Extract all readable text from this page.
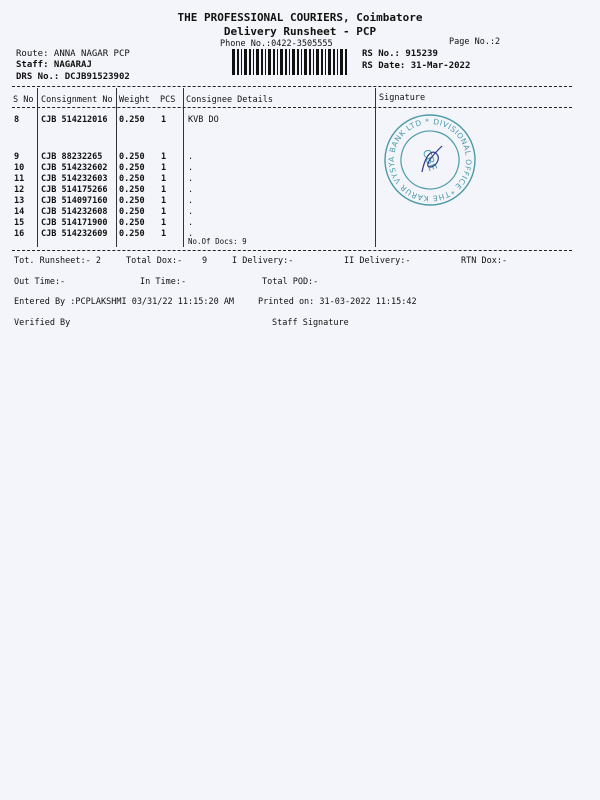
THE PROFESSIONAL COURIERS, Coimbatore
Delivery Runsheet - PCP
Phone No.:0422-3505555	Page No.:2
Route: ANNA NAGAR PCP
Staff: NAGARAJ
DRS No.: DCJB91523902
RS No.: 915239
RS Date: 31-Mar-2022
S No Consignment No Weight PCS Consignee Details	Signature
8	CJB 514212016 0.250 1	KVB DO
9	CJB 88232265 0.250 1	.
10 CJB 514232602 0.250 1	.
11 CJB 514232603 0.250 1	.
12 CJB 514175266 0.250 1	.
13 CJB 514097160 0.250 1	.
14 CJB 514232608 0.250 1	.
15 CJB 514171900 0.250 1	.
16 CJB 514232609 0.250 1	.
No.Of Docs: 9
THE KARUR VYSYA BANK LTD * DIVISIONAL OFFICE *
CBE
Tot. Runsheet:- 2	Total Dox:- 9	I Delivery:-	II Delivery:-	RTN Dox:-
Out Time:-	In Time:-	Total POD:-
Entered By :PCPLAKSHMI 03/31/22 11:15:20 AM	Printed on: 31-03-2022 11:15:42
Verified By	Staff Signature
